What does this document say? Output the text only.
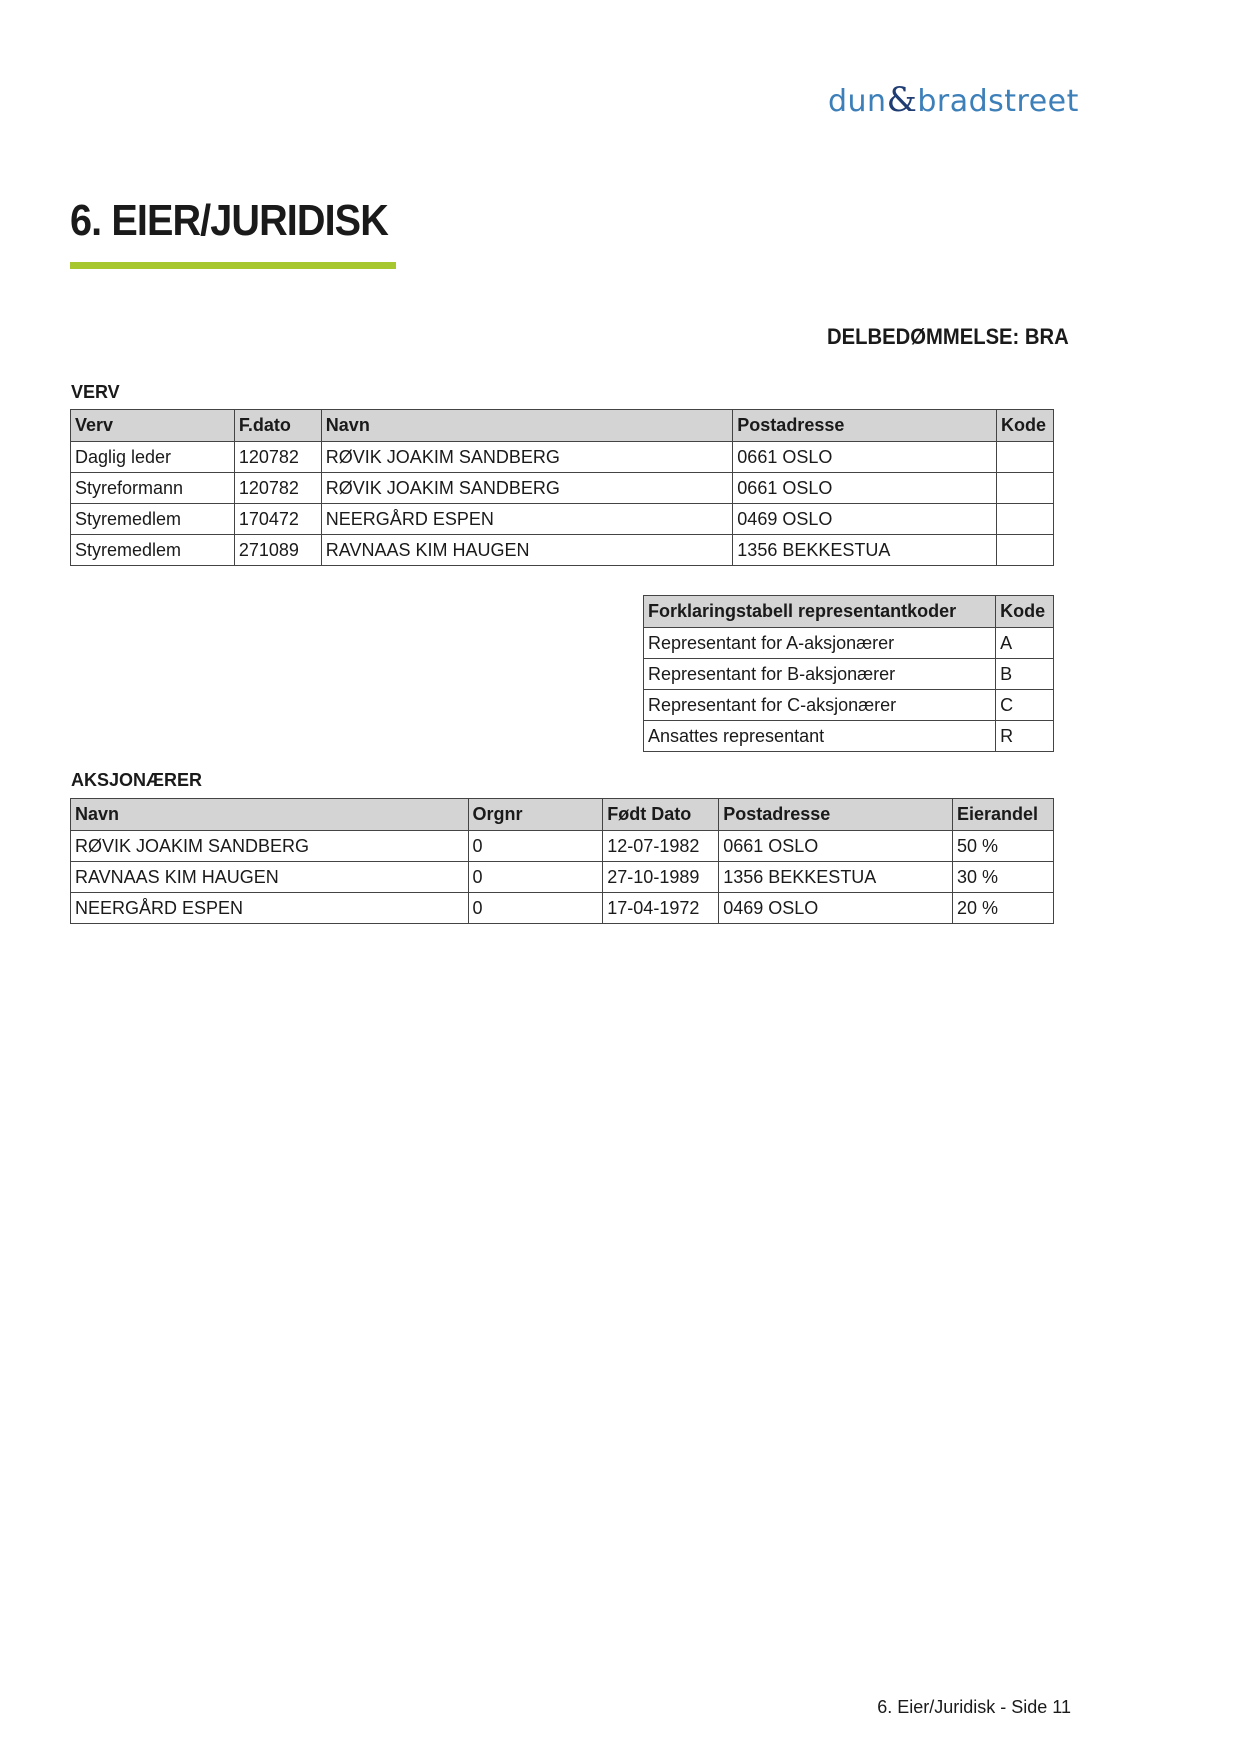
dun&bradstreet
6. EIER/JURIDISK
DELBEDØMMELSE: BRA
VERV
Verv	F.dato	Navn	Postadresse	Kode
Daglig leder	120782	RØVIK JOAKIM SANDBERG	0661 OSLO	
Styreformann	120782	RØVIK JOAKIM SANDBERG	0661 OSLO	
Styremedlem	170472	NEERGÅRD ESPEN	0469 OSLO	
Styremedlem	271089	RAVNAAS KIM HAUGEN	1356 BEKKESTUA	
Forklaringstabell representantkoder	Kode
Representant for A-aksjonærer	A
Representant for B-aksjonærer	B
Representant for C-aksjonærer	C
Ansattes representant	R
AKSJONÆRER
Navn	Orgnr	Født Dato	Postadresse	Eierandel
RØVIK JOAKIM SANDBERG	0	12-07-1982	0661 OSLO	50 %
RAVNAAS KIM HAUGEN	0	27-10-1989	1356 BEKKESTUA	30 %
NEERGÅRD ESPEN	0	17-04-1972	0469 OSLO	20 %
6. Eier/Juridisk - Side 11
